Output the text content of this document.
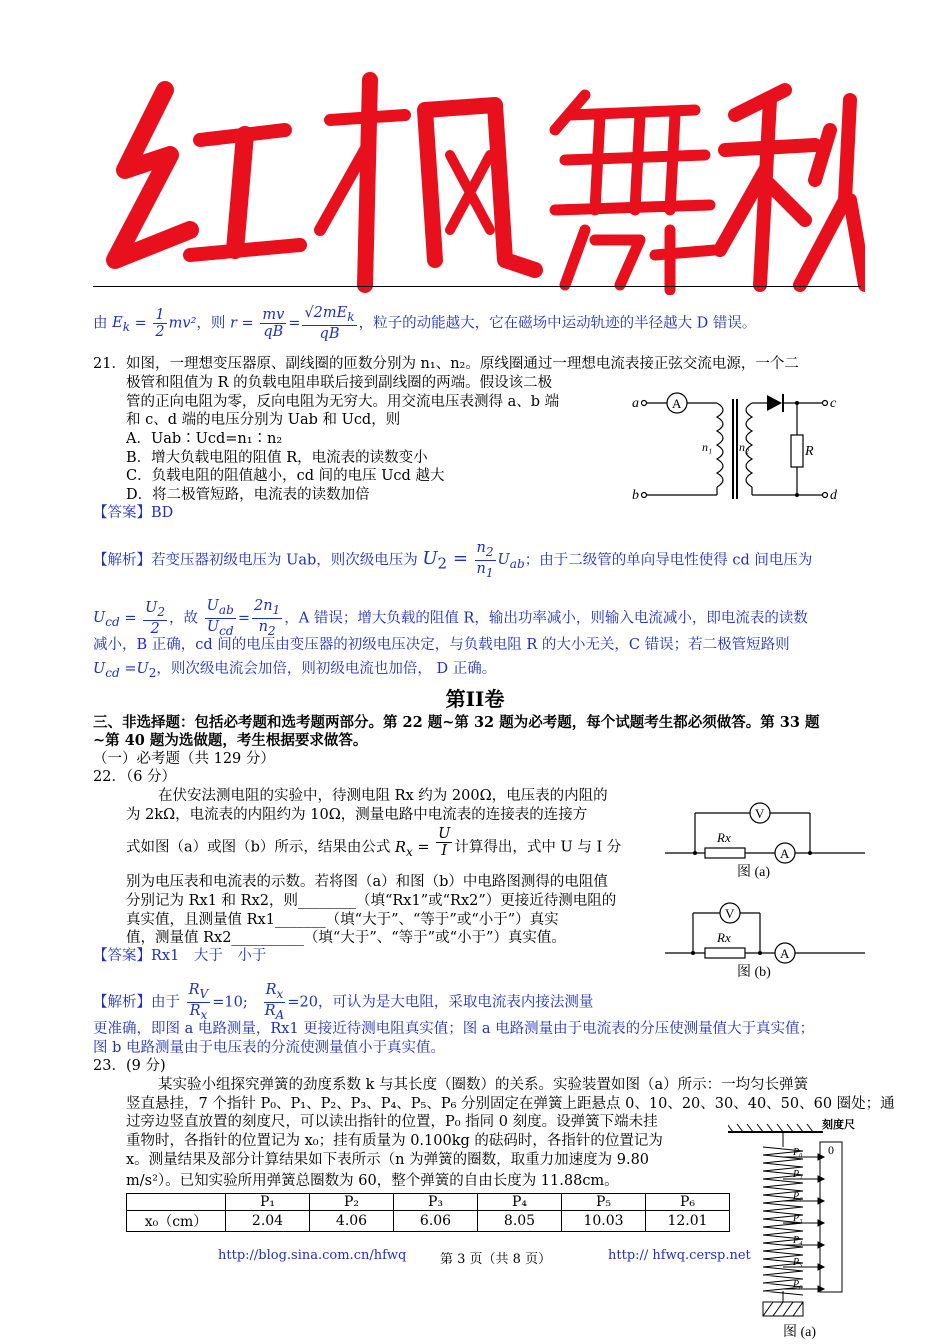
由 $E_k = \frac{1}{2} mv^2$，则 $r = \frac{mv}{qB} = \frac{√2mE_k}{qB}$ ，粒子的动能越大，它在磁场中运动轨迹的半径越大 D 错误。
21．如图，一理想变压器原、副线圈的匝数分别为 n₁、n₂。原线圈通过一理想电流表接正弦交流电源，一个二
极管和阻值为 R 的负载电阻串联后接到副线圈的两端。假设该二极
管的正向电阻为零，反向电阻为无穷大。用交流电压表测得 a、b 端
和 c、d 端的电压分别为 Uab 和 Ucd，则
A．Uab∶Ucd=n₁∶n₂
B．增大负载电阻的阻值 R，电流表的读数变小
C．负载电阻的阻值越小，cd 间的电压 Ucd 越大
D．将二极管短路，电流表的读数加倍
【答案】BD
a
b
A
n₁ n₂	R
c
d
【解析】若变压器初级电压为 Uab，则次级电压为 $U_2 = \frac{n_2}{n_1} U_{ab}$；由于二级管的单向导电性使得 cd 间电压为
$U_{cd} = \frac{U_2}{2}$ ，故 $\frac{U_{ab}}{U_{cd}} = \frac{2n_1}{n_2}$ ，A 错误；增大负载的阻值 R，输出功率减小，则输入电流减小，即电流表的读数
减小，B 正确，cd 间的电压由变压器的初级电压决定，与负载电阻 R 的大小无关，C 错误；若二极管短路则
$U_{cd} =U_2$，则次级电流会加倍，则初级电流也加倍， D 正确。
第II卷
三、非选择题：包括必考题和选考题两部分。第 22 题~第 32 题为必考题，每个试题考生都必须做答。第 33 题
~第 40 题为选做题，考生根据要求做答。
（一）必考题（共 129 分）
22．（6 分）
在伏安法测电阻的实验中，待测电阻 Rx 约为 200Ω，电压表的内阻的
为 2kΩ，电流表的内阻约为 10Ω，测量电路中电流表的连接表的连接方
式如图（a）或图（b）所示，结果由公式 $R_x = \frac{U}{I}$ 计算得出，式中 U 与 I 分
别为电压表和电流表的示数。若将图（a）和图（b）中电路图测得的电阻值
分别记为 Rx1 和 Rx2，则________（填“Rx1”或“Rx2”）更接近待测电阻的
真实值，且测量值 Rx1_______（填“大于”、“等于”或“小于”）真实
值，测量值 Rx2__________（填“大于”、“等于”或“小于”）真实值。
【答案】Rx1　大于　小于
【解析】由于 $\frac{R_V}{R_x} =10$; $\frac{R_x}{R_A} =20$，可认为是大电阻，采取电流表内接法测量
更准确，即图 a 电路测量，Rx1 更接近待测电阻真实值；图 a 电路测量由于电流表的分压使测量值大于真实值；
图 b 电路测量由于电压表的分流使测量值小于真实值。
V
A
Rx
图 (a)
V
A
Rx
图 (b)
23．(9 分)
某实验小组探究弹簧的劲度系数 k 与其长度（圈数）的关系。实验装置如图（a）所示：一均匀长弹簧
竖直悬挂，7 个指针 P₀、P₁、P₂、P₃、P₄、P₅、P₆ 分别固定在弹簧上距悬点 0、10、20、30、40、50、60 圈处；通
过旁边竖直放置的刻度尺，可以读出指针的位置，P₀ 指同 0 刻度。设弹簧下端未挂
重物时，各指针的位置记为 x₀；挂有质量为 0.100kg 的砝码时，各指针的位置记为
x。测量结果及部分计算结果如下表所示（n 为弹簧的圈数，取重力加速度为 9.80
m/s²）。已知实验所用弹簧总圈数为 60，整个弹簧的自由长度为 11.88cm。
	P₁	P₂	P₃	P₄	P₅	P₆
x₀（cm）	2.04	4.06	6.06	8.05	10.03	12.01
刻度尺
0
P₀
P₁
P₂
P₃
P₄
P₅
P₆
图 (a)
http://blog.sina.com.cn/hfwq	第 3 页（共 8 页）	http:// hfwq.cersp.net
